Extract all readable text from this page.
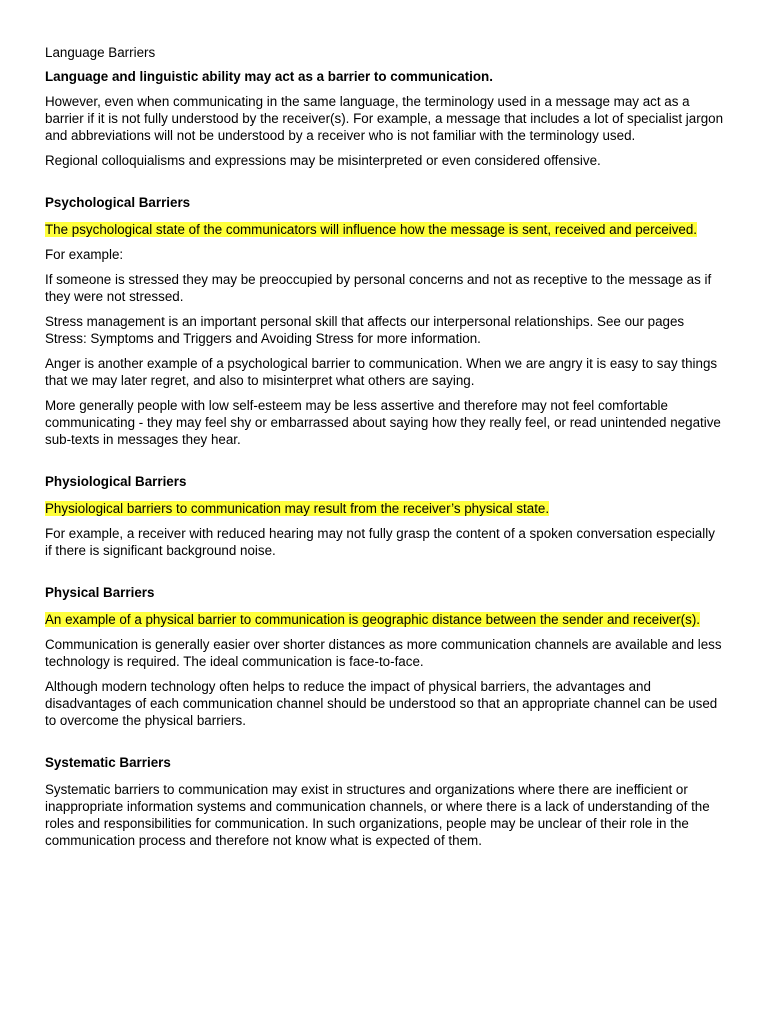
Language Barriers

Language and linguistic ability may act as a barrier to communication.

However, even when communicating in the same language, the terminology used in a message may act as a barrier if it is not fully understood by the receiver(s). For example, a message that includes a lot of specialist jargon and abbreviations will not be understood by a receiver who is not familiar with the terminology used.

Regional colloquialisms and expressions may be misinterpreted or even considered offensive.

Psychological Barriers

The psychological state of the communicators will influence how the message is sent, received and perceived.

For example:

If someone is stressed they may be preoccupied by personal concerns and not as receptive to the message as if they were not stressed.

Stress management is an important personal skill that affects our interpersonal relationships. See our pages Stress: Symptoms and Triggers and Avoiding Stress for more information.

Anger is another example of a psychological barrier to communication. When we are angry it is easy to say things that we may later regret, and also to misinterpret what others are saying.

More generally people with low self-esteem may be less assertive and therefore may not feel comfortable communicating - they may feel shy or embarrassed about saying how they really feel, or read unintended negative sub-texts in messages they hear.

Physiological Barriers

Physiological barriers to communication may result from the receiver’s physical state.

For example, a receiver with reduced hearing may not fully grasp the content of a spoken conversation especially if there is significant background noise.

Physical Barriers

An example of a physical barrier to communication is geographic distance between the sender and receiver(s).

Communication is generally easier over shorter distances as more communication channels are available and less technology is required. The ideal communication is face-to-face.

Although modern technology often helps to reduce the impact of physical barriers, the advantages and disadvantages of each communication channel should be understood so that an appropriate channel can be used to overcome the physical barriers.

Systematic Barriers

Systematic barriers to communication may exist in structures and organizations where there are inefficient or inappropriate information systems and communication channels, or where there is a lack of understanding of the roles and responsibilities for communication. In such organizations, people may be unclear of their role in the communication process and therefore not know what is expected of them.
